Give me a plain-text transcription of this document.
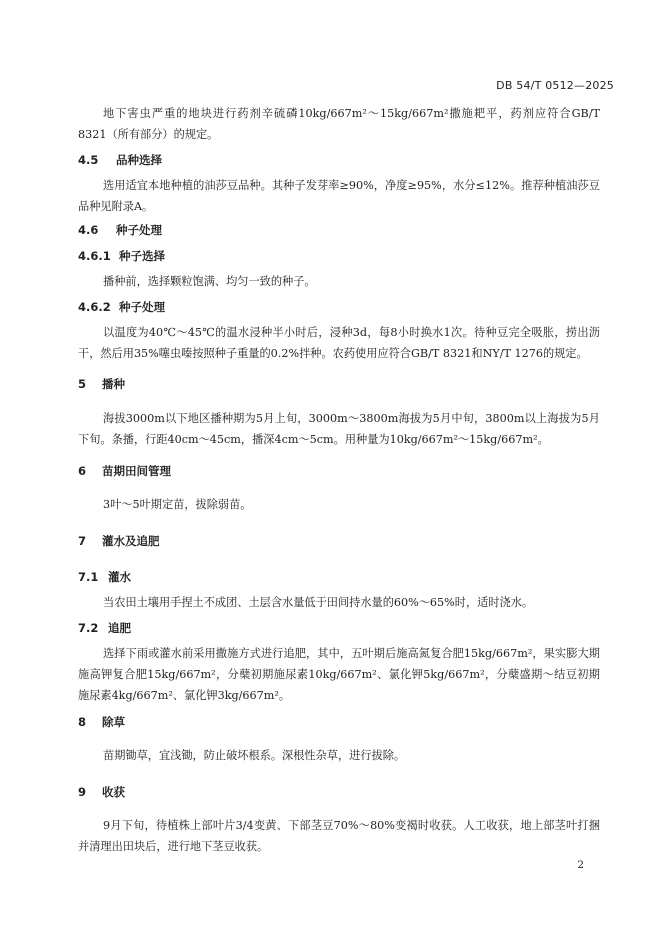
DB 54/T 0512—2025
地下害虫严重的地块进行药剂辛硫磷10kg/667m²～15kg/667m²撒施耙平，药剂应符合GB/T 8321（所有部分）的规定。
4.5 品种选择
选用适宜本地种植的油莎豆品种。其种子发芽率≥90%，净度≥95%，水分≤12%。推荐种植油莎豆品种见附录A。
4.6 种子处理
4.6.1 种子选择
播种前，选择颗粒饱满、均匀一致的种子。
4.6.2 种子处理
以温度为40℃～45℃的温水浸种半小时后，浸种3d，每8小时换水1次。待种豆完全吸胀，捞出沥干，然后用35%噻虫嗪按照种子重量的0.2%拌种。农药使用应符合GB/T 8321和NY/T 1276的规定。
5 播种
海拔3000m以下地区播种期为5月上旬，3000m～3800m海拔为5月中旬，3800m以上海拔为5月下旬。条播，行距40cm～45cm，播深4cm～5cm。用种量为10kg/667m²～15kg/667m²。
6 苗期田间管理
3叶～5叶期定苗，拔除弱苗。
7 灌水及追肥
7.1 灌水
当农田土壤用手捏土不成团、土层含水量低于田间持水量的60%～65%时，适时浇水。
7.2 追肥
选择下雨或灌水前采用撒施方式进行追肥，其中，五叶期后施高氮复合肥15kg/667m²，果实膨大期施高钾复合肥15kg/667m²，分蘖初期施尿素10kg/667m²、氯化钾5kg/667m²，分蘖盛期～结豆初期施尿素4kg/667m²、氯化钾3kg/667m²。
8 除草
苗期锄草，宜浅锄，防止破坏根系。深根性杂草，进行拔除。
9 收获
9月下旬，待植株上部叶片3/4变黄、下部茎豆70%～80%变褐时收获。人工收获，地上部茎叶打捆并清理出田块后，进行地下茎豆收获。
2
